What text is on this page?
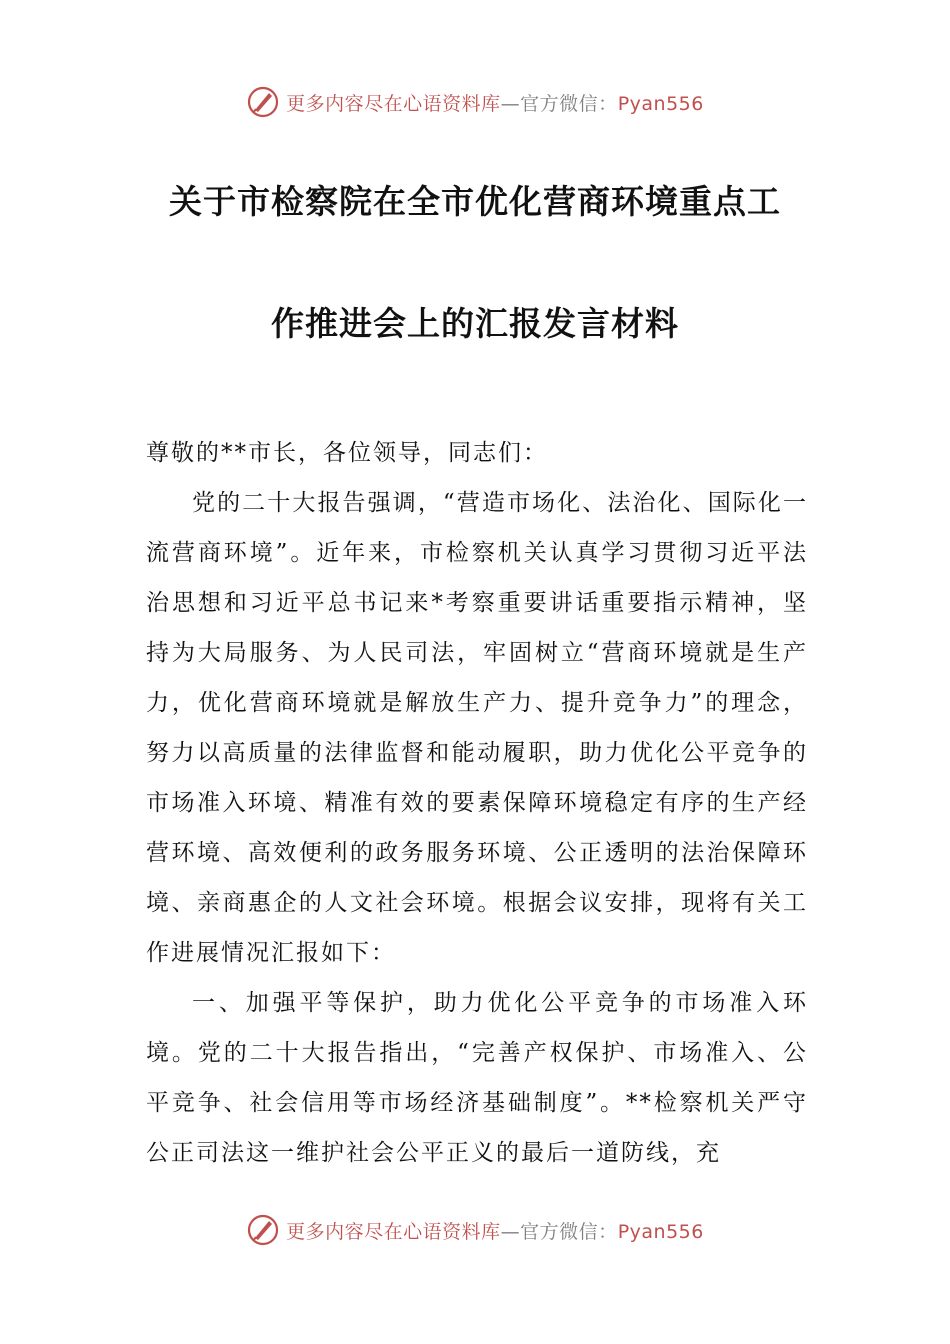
更多内容尽在心语资料库—官方微信：Pyan556
关于市检察院在全市优化营商环境重点工
作推进会上的汇报发言材料

尊敬的**市长，各位领导，同志们：

党的二十大报告强调，“营造市场化、法治化、国际化一流营商环境”。近年来，市检察机关认真学习贯彻习近平法治思想和习近平总书记来*考察重要讲话重要指示精神，坚持为大局服务、为人民司法，牢固树立“营商环境就是生产力，优化营商环境就是解放生产力、提升竞争力”的理念，努力以高质量的法律监督和能动履职，助力优化公平竞争的市场准入环境、精准有效的要素保障环境稳定有序的生产经营环境、高效便利的政务服务环境、公正透明的法治保障环境、亲商惠企的人文社会环境。根据会议安排，现将有关工作进展情况汇报如下：

一、加强平等保护，助力优化公平竞争的市场准入环境。党的二十大报告指出，“完善产权保护、市场准入、公平竞争、社会信用等市场经济基础制度”。**检察机关严守公正司法这一维护社会公平正义的最后一道防线，充

更多内容尽在心语资料库—官方微信：Pyan556
